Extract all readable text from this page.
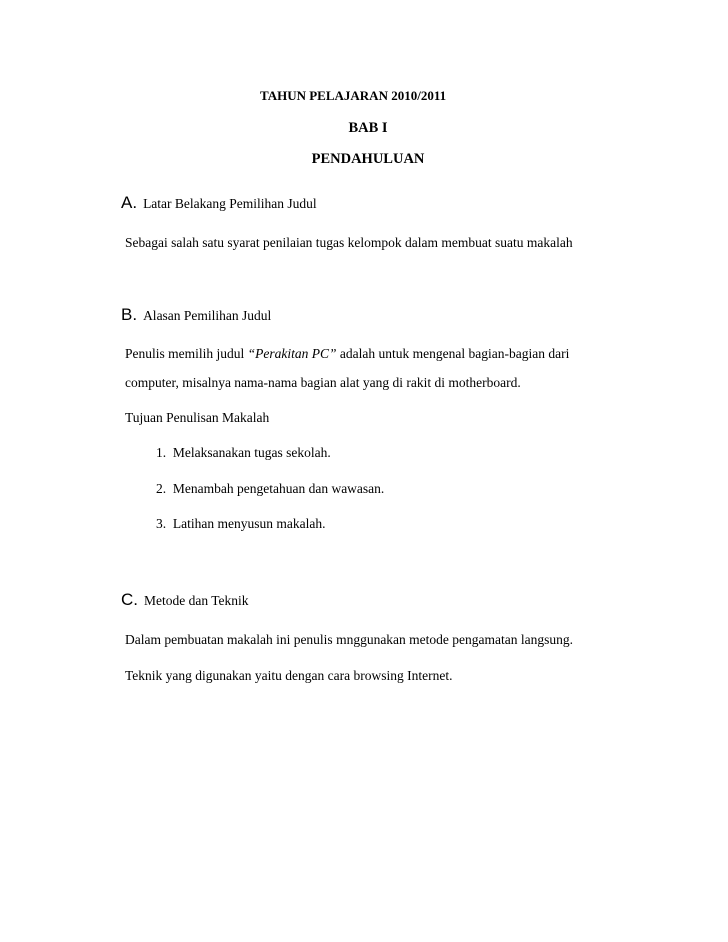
TAHUN PELAJARAN 2010/2011
BAB I
PENDAHULUAN
A. Latar Belakang Pemilihan Judul
Sebagai salah satu syarat penilaian tugas kelompok dalam membuat suatu makalah
B. Alasan Pemilihan Judul
Penulis memilih judul “Perakitan PC” adalah untuk mengenal bagian-bagian dari
computer, misalnya nama-nama bagian alat yang di rakit di motherboard.
Tujuan Penulisan Makalah
1. Melaksanakan tugas sekolah.
2. Menambah pengetahuan dan wawasan.
3. Latihan menyusun makalah.
C. Metode dan Teknik
Dalam pembuatan makalah ini penulis mnggunakan metode pengamatan langsung.
Teknik yang digunakan yaitu dengan cara browsing Internet.
